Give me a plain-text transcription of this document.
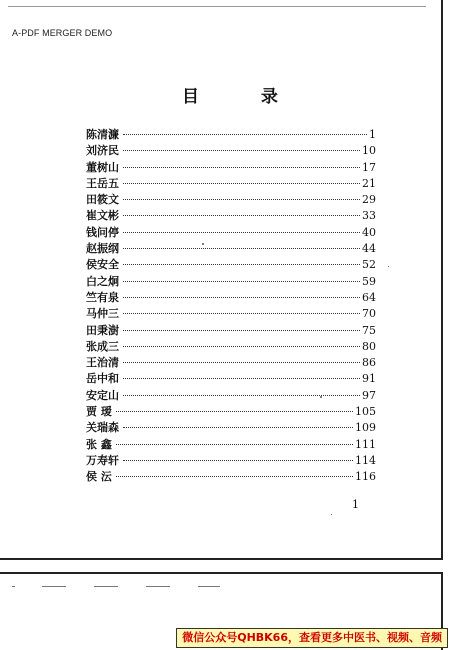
A-PDF MERGER DEMO
目 录
陈清濂	1
刘济民	10
董树山	17
王岳五	21
田筱文	29
崔文彬	33
钱问停	40
赵振纲	44
侯安全	52
白之炯	59
竺有泉	64
马仲三	70
田秉澍	75
张成三	80
王治清	86
岳中和	91
安定山	97
贾 瑷	105
关瑞森	109
张 鑫	111
万寿轩	114
侯 沄	116
1
微信公众号QHBK66，查看更多中医书、视频、音频
